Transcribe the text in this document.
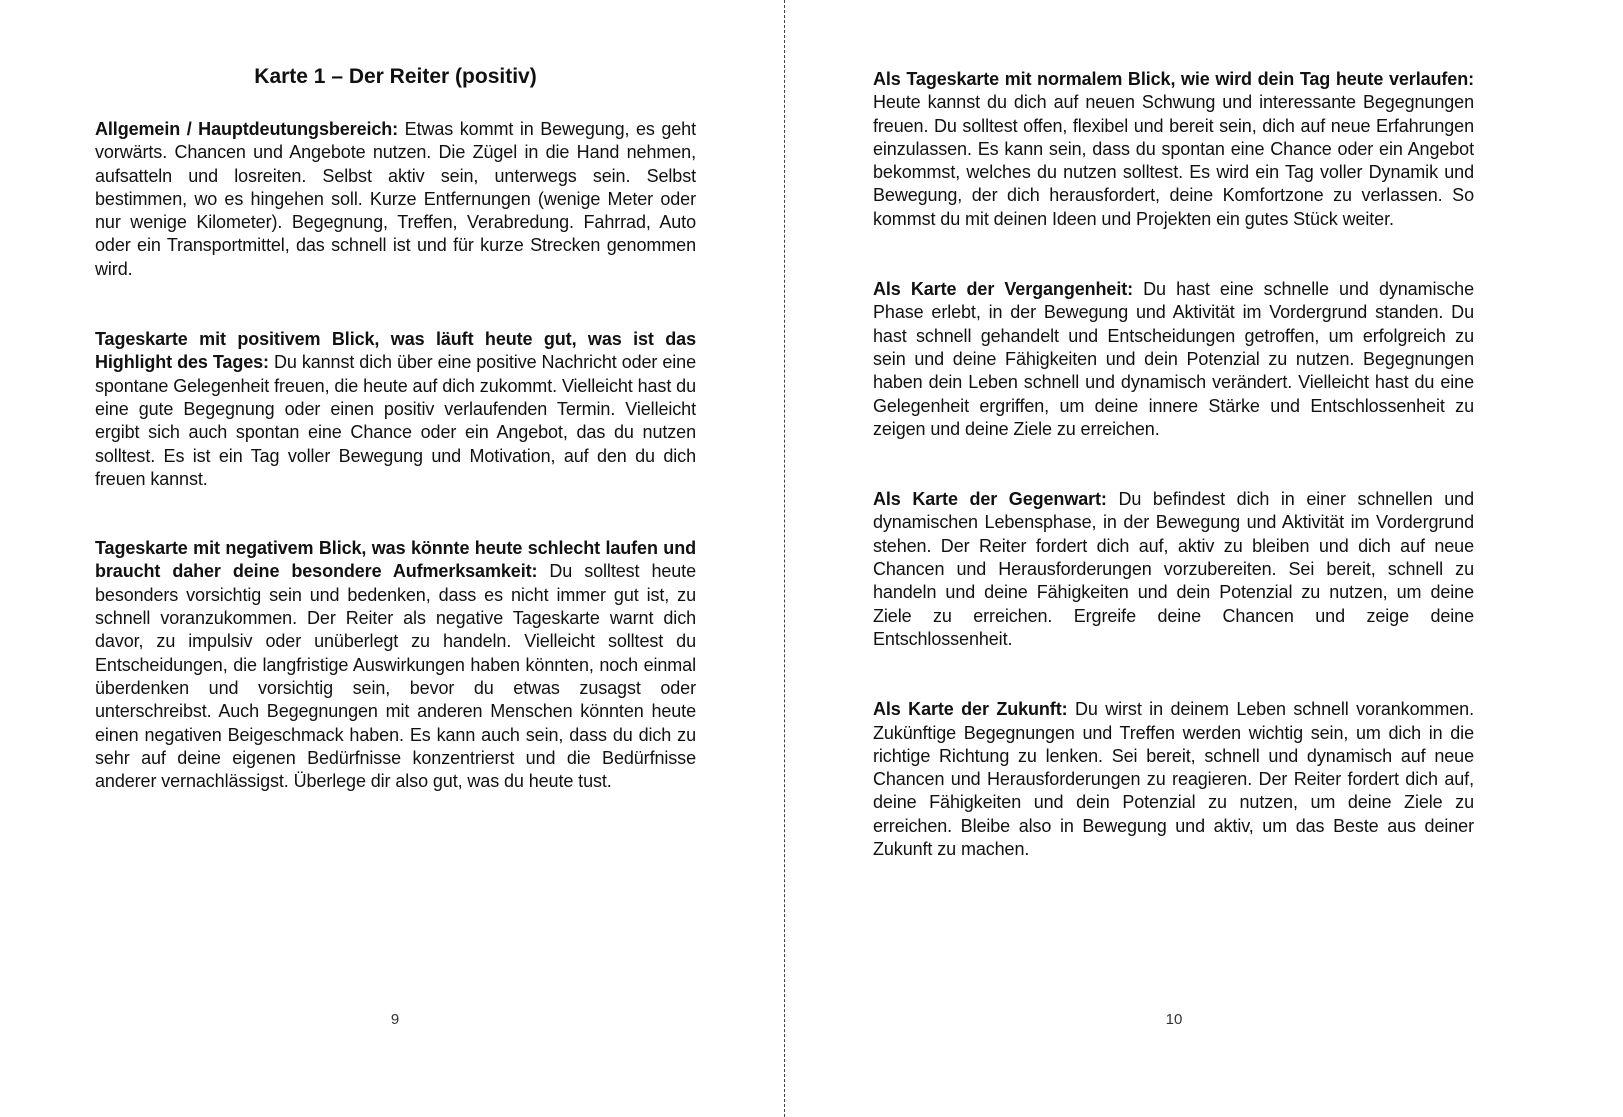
Karte 1 – Der Reiter (positiv)

Allgemein / Hauptdeutungsbereich: Etwas kommt in Bewegung, es geht vorwärts. Chancen und Angebote nutzen. Die Zügel in die Hand nehmen, aufsatteln und losreiten. Selbst aktiv sein, unterwegs sein. Selbst bestimmen, wo es hingehen soll. Kurze Entfernungen (wenige Meter oder nur wenige Kilometer). Begegnung, Treffen, Verabredung. Fahrrad, Auto oder ein Transportmittel, das schnell ist und für kurze Strecken genommen wird.

Tageskarte mit positivem Blick, was läuft heute gut, was ist das Highlight des Tages: Du kannst dich über eine positive Nachricht oder eine spontane Gelegenheit freuen, die heute auf dich zukommt. Vielleicht hast du eine gute Begegnung oder einen positiv verlaufenden Termin. Vielleicht ergibt sich auch spontan eine Chance oder ein Angebot, das du nutzen solltest. Es ist ein Tag voller Bewegung und Motivation, auf den du dich freuen kannst.

Tageskarte mit negativem Blick, was könnte heute schlecht laufen und braucht daher deine besondere Aufmerksamkeit: Du solltest heute besonders vorsichtig sein und bedenken, dass es nicht immer gut ist, zu schnell voranzukommen. Der Reiter als negative Tageskarte warnt dich davor, zu impulsiv oder unüberlegt zu handeln. Vielleicht solltest du Entscheidungen, die langfristige Auswirkungen haben könnten, noch einmal überdenken und vorsichtig sein, bevor du etwas zusagst oder unterschreibst. Auch Begegnungen mit anderen Menschen könnten heute einen negativen Beigeschmack haben. Es kann auch sein, dass du dich zu sehr auf deine eigenen Bedürfnisse konzentrierst und die Bedürfnisse anderer vernachlässigst. Überlege dir also gut, was du heute tust.

9

Als Tageskarte mit normalem Blick, wie wird dein Tag heute verlaufen: Heute kannst du dich auf neuen Schwung und interessante Begegnungen freuen. Du solltest offen, flexibel und bereit sein, dich auf neue Erfahrungen einzulassen. Es kann sein, dass du spontan eine Chance oder ein Angebot bekommst, welches du nutzen solltest. Es wird ein Tag voller Dynamik und Bewegung, der dich herausfordert, deine Komfortzone zu verlassen. So kommst du mit deinen Ideen und Projekten ein gutes Stück weiter.

Als Karte der Vergangenheit: Du hast eine schnelle und dynamische Phase erlebt, in der Bewegung und Aktivität im Vordergrund standen. Du hast schnell gehandelt und Entscheidungen getroffen, um erfolgreich zu sein und deine Fähigkeiten und dein Potenzial zu nutzen. Begegnungen haben dein Leben schnell und dynamisch verändert. Vielleicht hast du eine Gelegenheit ergriffen, um deine innere Stärke und Entschlossenheit zu zeigen und deine Ziele zu erreichen.

Als Karte der Gegenwart: Du befindest dich in einer schnellen und dynamischen Lebensphase, in der Bewegung und Aktivität im Vordergrund stehen. Der Reiter fordert dich auf, aktiv zu bleiben und dich auf neue Chancen und Herausforderungen vorzubereiten. Sei bereit, schnell zu handeln und deine Fähigkeiten und dein Potenzial zu nutzen, um deine Ziele zu erreichen. Ergreife deine Chancen und zeige deine Entschlossenheit.

Als Karte der Zukunft: Du wirst in deinem Leben schnell vorankommen. Zukünftige Begegnungen und Treffen werden wichtig sein, um dich in die richtige Richtung zu lenken. Sei bereit, schnell und dynamisch auf neue Chancen und Herausforderungen zu reagieren. Der Reiter fordert dich auf, deine Fähigkeiten und dein Potenzial zu nutzen, um deine Ziele zu erreichen. Bleibe also in Bewegung und aktiv, um das Beste aus deiner Zukunft zu machen.

10
